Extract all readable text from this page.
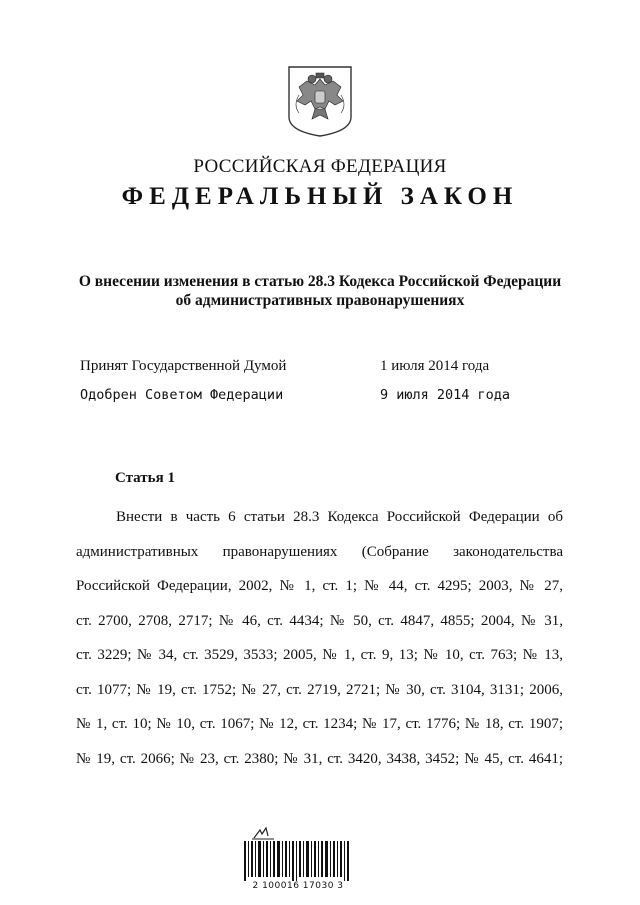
РОССИЙСКАЯ ФЕДЕРАЦИЯ
ФЕДЕРАЛЬНЫЙ ЗАКОН
О внесении изменения в статью 28.3 Кодекса Российской Федерации
об административных правонарушениях
Принят Государственной Думой	1 июля 2014 года
Одобрен Советом Федерации	9 июля 2014 года
Статья 1
Внести в часть 6 статьи 28.3 Кодекса Российской Федерации об
административных правонарушениях (Собрание законодательства
Российской Федерации, 2002, № 1, ст. 1; № 44, ст. 4295; 2003, № 27,
ст. 2700, 2708, 2717; № 46, ст. 4434; № 50, ст. 4847, 4855; 2004, № 31,
ст. 3229; № 34, ст. 3529, 3533; 2005, № 1, ст. 9, 13; № 10, ст. 763; № 13,
ст. 1077; № 19, ст. 1752; № 27, ст. 2719, 2721; № 30, ст. 3104, 3131; 2006,
№ 1, ст. 10; № 10, ст. 1067; № 12, ст. 1234; № 17, ст. 1776; № 18, ст. 1907;
№ 19, ст. 2066; № 23, ст. 2380; № 31, ст. 3420, 3438, 3452; № 45, ст. 4641;
2 100016 17030 3
